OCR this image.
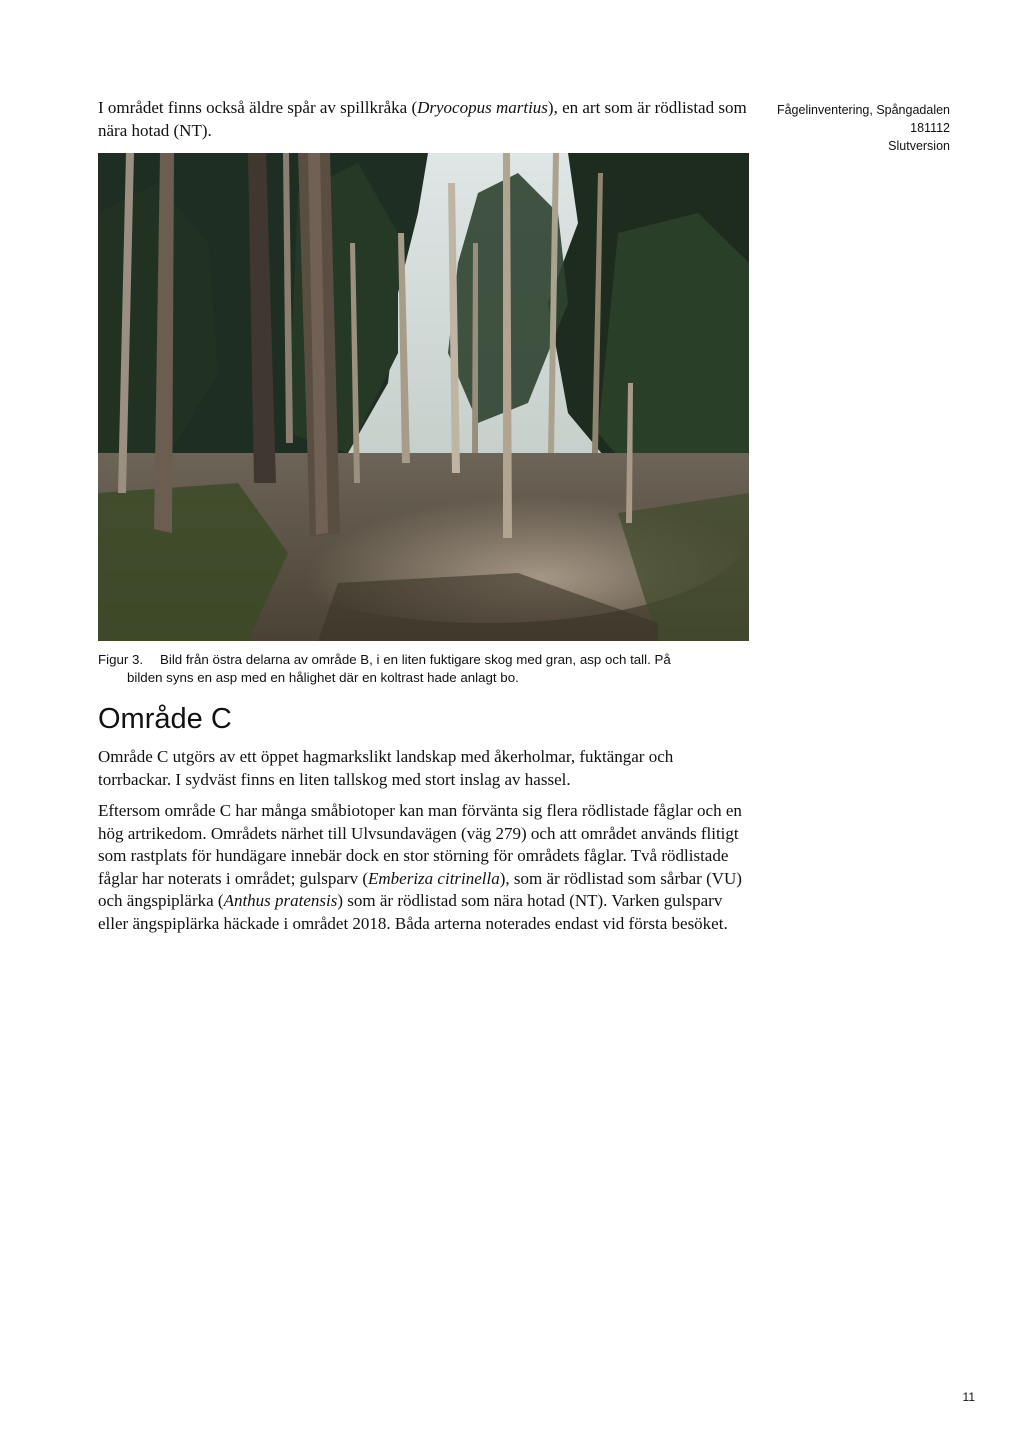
Fågelinventering, Spångadalen
181112
Slutversion
I området finns också äldre spår av spillkråka (Dryocopus martius), en art som är rödlistad som nära hotad (NT).
Figur 3. Bild från östra delarna av område B, i en liten fuktigare skog med gran, asp och tall. På
bilden syns en asp med en hålighet där en koltrast hade anlagt bo.
Område C
Område C utgörs av ett öppet hagmarkslikt landskap med åkerholmar, fuktängar och torrbackar. I sydväst finns en liten tallskog med stort inslag av hassel.
Eftersom område C har många småbiotoper kan man förvänta sig flera rödlistade fåglar och en hög artrikedom. Områdets närhet till Ulvsundavägen (väg 279) och att området används flitigt som rastplats för hundägare innebär dock en stor störning för områdets fåglar. Två rödlistade fåglar har noterats i området; gulsparv (Emberiza citrinella), som är rödlistad som sårbar (VU) och ängspiplärka (Anthus pratensis) som är rödlistad som nära hotad (NT). Varken gulsparv eller ängspiplärka häckade i området 2018. Båda arterna noterades endast vid första besöket.
11
